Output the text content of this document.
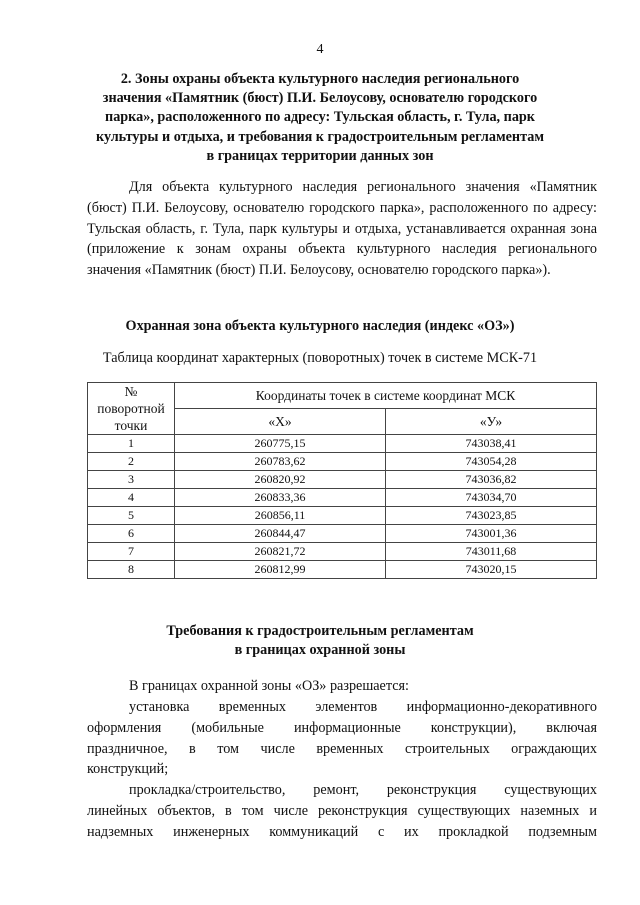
4
2. Зоны охраны объекта культурного наследия регионального значения «Памятник (бюст) П.И. Белоусову, основателю городского парка», расположенного по адресу: Тульская область, г. Тула, парк культуры и отдыха, и требования к градостроительным регламентам в границах территории данных зон
Для объекта культурного наследия регионального значения «Памятник (бюст) П.И. Белоусову, основателю городского парка», расположенного по адресу: Тульская область, г. Тула, парк культуры и отдыха, устанавливается охранная зона (приложение к зонам охраны объекта культурного наследия регионального значения «Памятник (бюст) П.И. Белоусову, основателю городского парка»).
Охранная зона объекта культурного наследия (индекс «ОЗ»)
Таблица координат характерных (поворотных) точек в системе МСК-71
№
поворотной
точки	Координаты точек в системе координат МСК	
	«Х»	«У»
1	260775,15	743038,41
2	260783,62	743054,28
3	260820,92	743036,82
4	260833,36	743034,70
5	260856,11	743023,85
6	260844,47	743001,36
7	260821,72	743011,68
8	260812,99	743020,15
Требования к градостроительным регламентам
в границах охранной зоны
В границах охранной зоны «ОЗ» разрешается:
установка временных элементов информационно-декоративного
оформления (мобильные информационные конструкции), включая
праздничное, в том числе временных строительных ограждающих
конструкций;
прокладка/строительство, ремонт, реконструкция существующих
линейных объектов, в том числе реконструкция существующих наземных и
надземных инженерных коммуникаций с их прокладкой подземным
